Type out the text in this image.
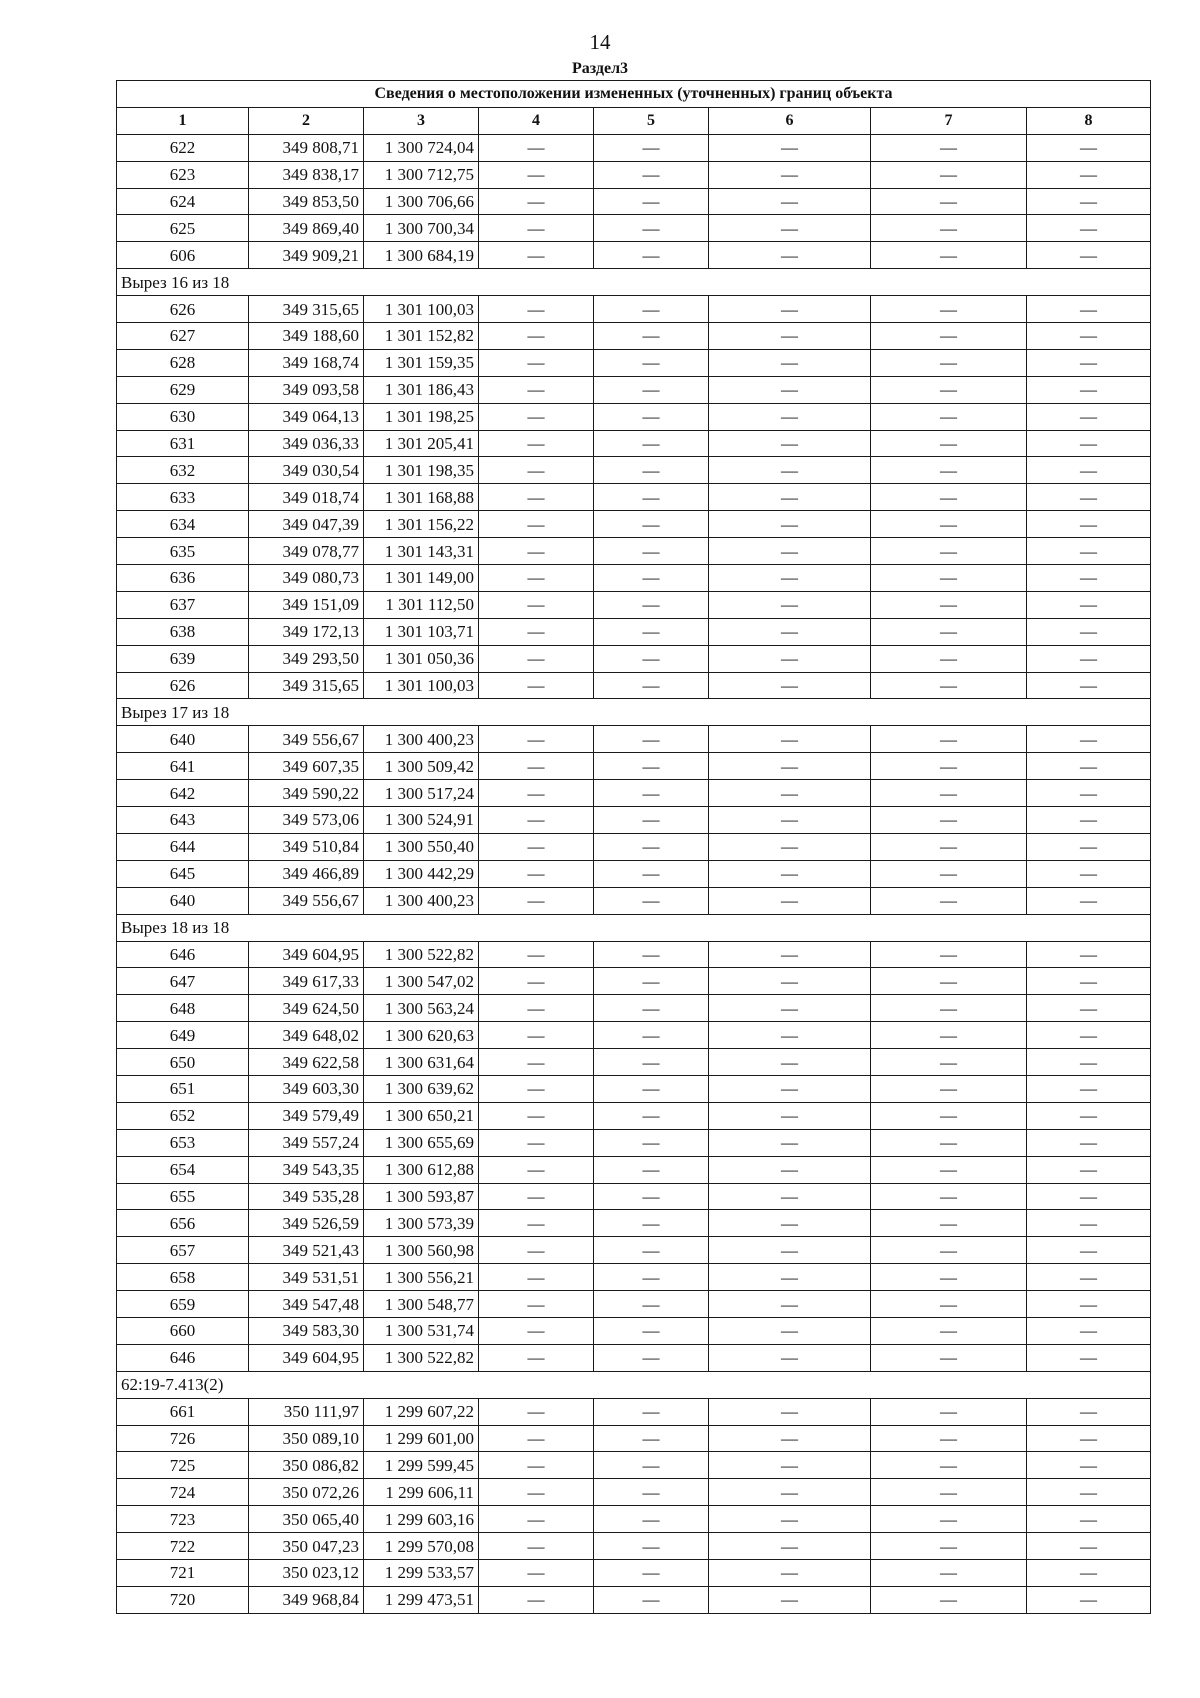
14
Раздел3
Сведения о местоположении измененных (уточненных) границ объекта							
1	2	3	4	5	6	7	8
622	349 808,71	1 300 724,04	—	—	—	—	—
623	349 838,17	1 300 712,75	—	—	—	—	—
624	349 853,50	1 300 706,66	—	—	—	—	—
625	349 869,40	1 300 700,34	—	—	—	—	—
606	349 909,21	1 300 684,19	—	—	—	—	—
Вырез 16 из 18							
626	349 315,65	1 301 100,03	—	—	—	—	—
627	349 188,60	1 301 152,82	—	—	—	—	—
628	349 168,74	1 301 159,35	—	—	—	—	—
629	349 093,58	1 301 186,43	—	—	—	—	—
630	349 064,13	1 301 198,25	—	—	—	—	—
631	349 036,33	1 301 205,41	—	—	—	—	—
632	349 030,54	1 301 198,35	—	—	—	—	—
633	349 018,74	1 301 168,88	—	—	—	—	—
634	349 047,39	1 301 156,22	—	—	—	—	—
635	349 078,77	1 301 143,31	—	—	—	—	—
636	349 080,73	1 301 149,00	—	—	—	—	—
637	349 151,09	1 301 112,50	—	—	—	—	—
638	349 172,13	1 301 103,71	—	—	—	—	—
639	349 293,50	1 301 050,36	—	—	—	—	—
626	349 315,65	1 301 100,03	—	—	—	—	—
Вырез 17 из 18							
640	349 556,67	1 300 400,23	—	—	—	—	—
641	349 607,35	1 300 509,42	—	—	—	—	—
642	349 590,22	1 300 517,24	—	—	—	—	—
643	349 573,06	1 300 524,91	—	—	—	—	—
644	349 510,84	1 300 550,40	—	—	—	—	—
645	349 466,89	1 300 442,29	—	—	—	—	—
640	349 556,67	1 300 400,23	—	—	—	—	—
Вырез 18 из 18							
646	349 604,95	1 300 522,82	—	—	—	—	—
647	349 617,33	1 300 547,02	—	—	—	—	—
648	349 624,50	1 300 563,24	—	—	—	—	—
649	349 648,02	1 300 620,63	—	—	—	—	—
650	349 622,58	1 300 631,64	—	—	—	—	—
651	349 603,30	1 300 639,62	—	—	—	—	—
652	349 579,49	1 300 650,21	—	—	—	—	—
653	349 557,24	1 300 655,69	—	—	—	—	—
654	349 543,35	1 300 612,88	—	—	—	—	—
655	349 535,28	1 300 593,87	—	—	—	—	—
656	349 526,59	1 300 573,39	—	—	—	—	—
657	349 521,43	1 300 560,98	—	—	—	—	—
658	349 531,51	1 300 556,21	—	—	—	—	—
659	349 547,48	1 300 548,77	—	—	—	—	—
660	349 583,30	1 300 531,74	—	—	—	—	—
646	349 604,95	1 300 522,82	—	—	—	—	—
62:19-7.413(2)							
661	350 111,97	1 299 607,22	—	—	—	—	—
726	350 089,10	1 299 601,00	—	—	—	—	—
725	350 086,82	1 299 599,45	—	—	—	—	—
724	350 072,26	1 299 606,11	—	—	—	—	—
723	350 065,40	1 299 603,16	—	—	—	—	—
722	350 047,23	1 299 570,08	—	—	—	—	—
721	350 023,12	1 299 533,57	—	—	—	—	—
720	349 968,84	1 299 473,51	—	—	—	—	—
